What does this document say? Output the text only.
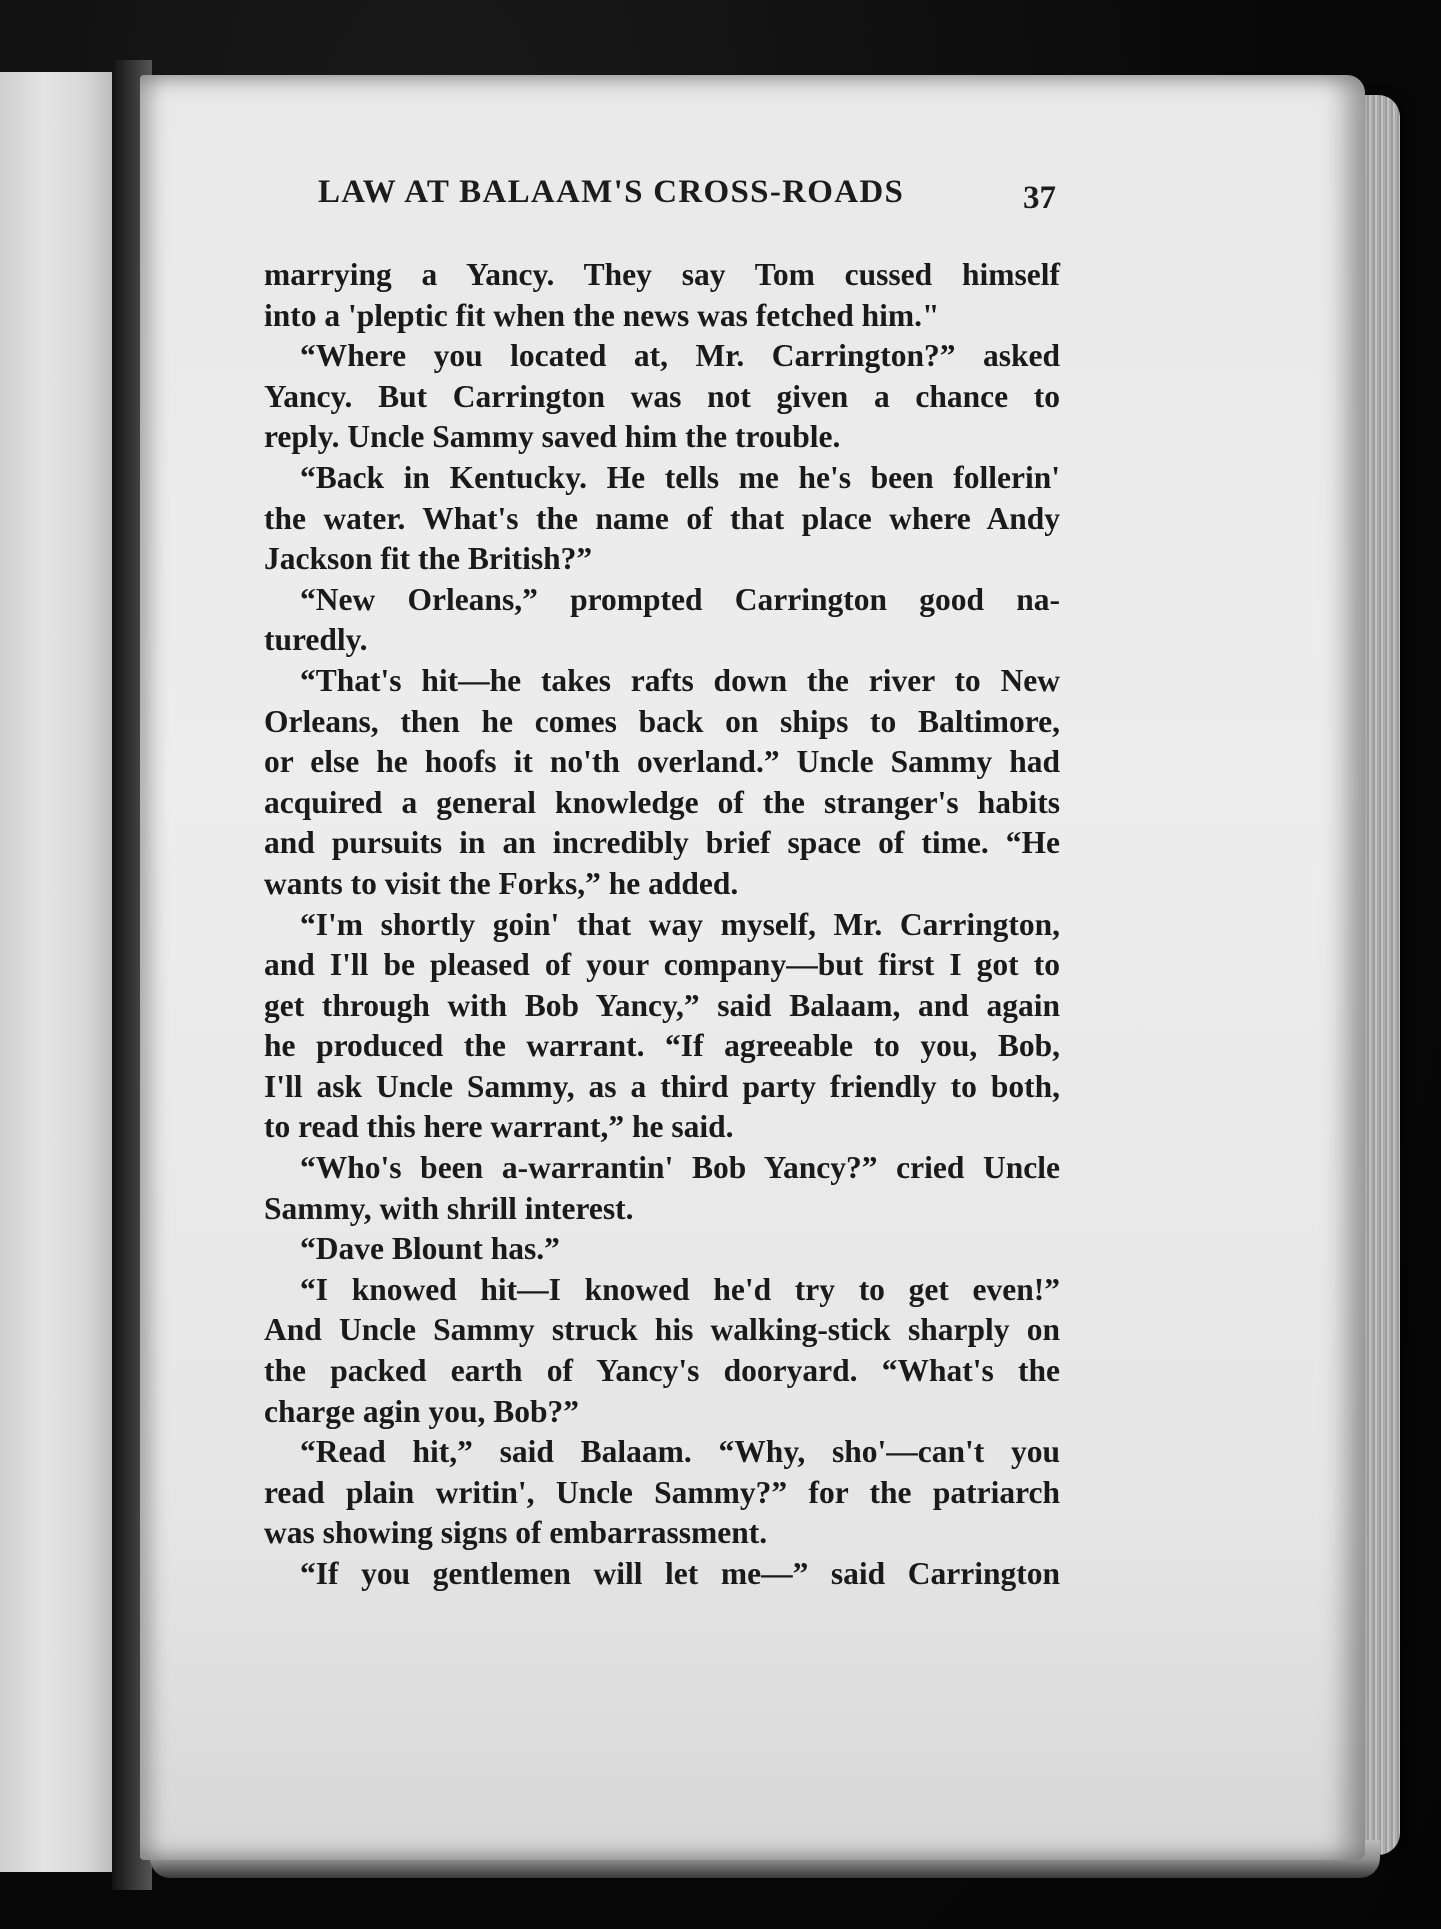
LAW AT BALAAM'S CROSS-ROADS	37
marrying a Yancy. They say Tom cussed himself
into a 'pleptic fit when the news was fetched him."
“Where you located at, Mr. Carrington?” asked
Yancy. But Carrington was not given a chance to
reply. Uncle Sammy saved him the trouble.
“Back in Kentucky. He tells me he's been follerin'
the water. What's the name of that place where Andy
Jackson fit the British?”
“New Orleans,” prompted Carrington good na-
turedly.
“That's hit—he takes rafts down the river to New
Orleans, then he comes back on ships to Baltimore,
or else he hoofs it no'th overland.” Uncle Sammy had
acquired a general knowledge of the stranger's habits
and pursuits in an incredibly brief space of time. “He
wants to visit the Forks,” he added.
“I'm shortly goin' that way myself, Mr. Carrington,
and I'll be pleased of your company—but first I got to
get through with Bob Yancy,” said Balaam, and again
he produced the warrant. “If agreeable to you, Bob,
I'll ask Uncle Sammy, as a third party friendly to both,
to read this here warrant,” he said.
“Who's been a-warrantin' Bob Yancy?” cried Uncle
Sammy, with shrill interest.
“Dave Blount has.”
“I knowed hit—I knowed he'd try to get even!”
And Uncle Sammy struck his walking-stick sharply on
the packed earth of Yancy's dooryard. “What's the
charge agin you, Bob?”
“Read hit,” said Balaam. “Why, sho'—can't you
read plain writin', Uncle Sammy?” for the patriarch
was showing signs of embarrassment.
“If you gentlemen will let me—” said Carrington
